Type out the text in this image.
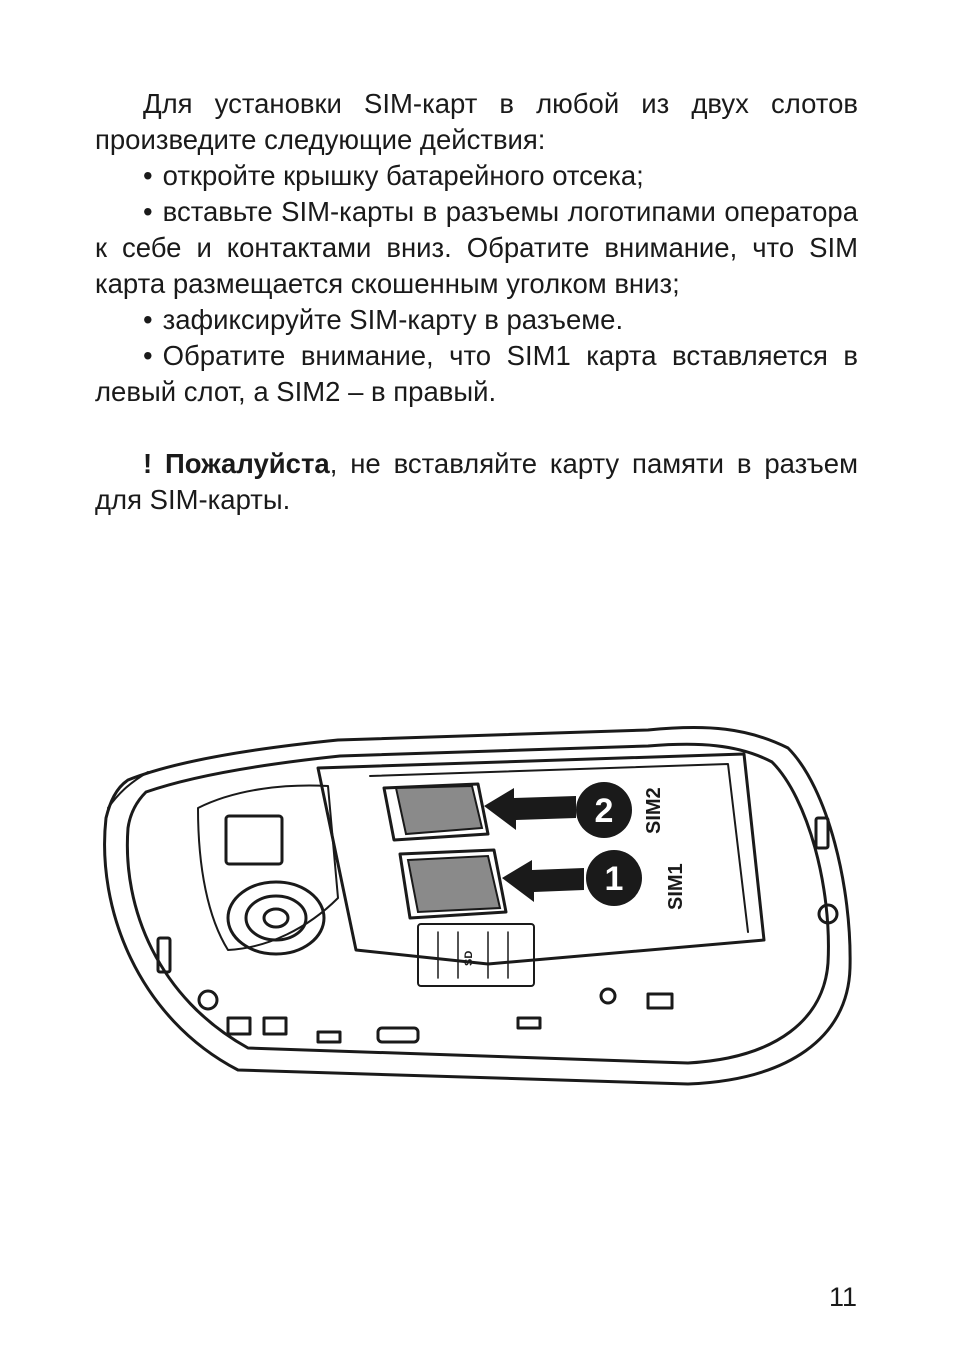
Для установки SIM-карт в любой из двух слотов произведите следующие действия:

• откройте крышку батарейного отсека;

• вставьте SIM-карты в разъемы логотипами оператора к себе и контактами вниз. Обратите внимание, что SIM карта размещается скошенным уголком вниз;

• зафиксируйте SIM-карту в разъеме.

• Обратите внимание, что SIM1 карта вставляется в левый слот, а SIM2 – в правый.

! Пожалуйста, не вставляйте карту памяти в разъем для SIM-карты.

2
1
SIM2
SIM1
SD
11
